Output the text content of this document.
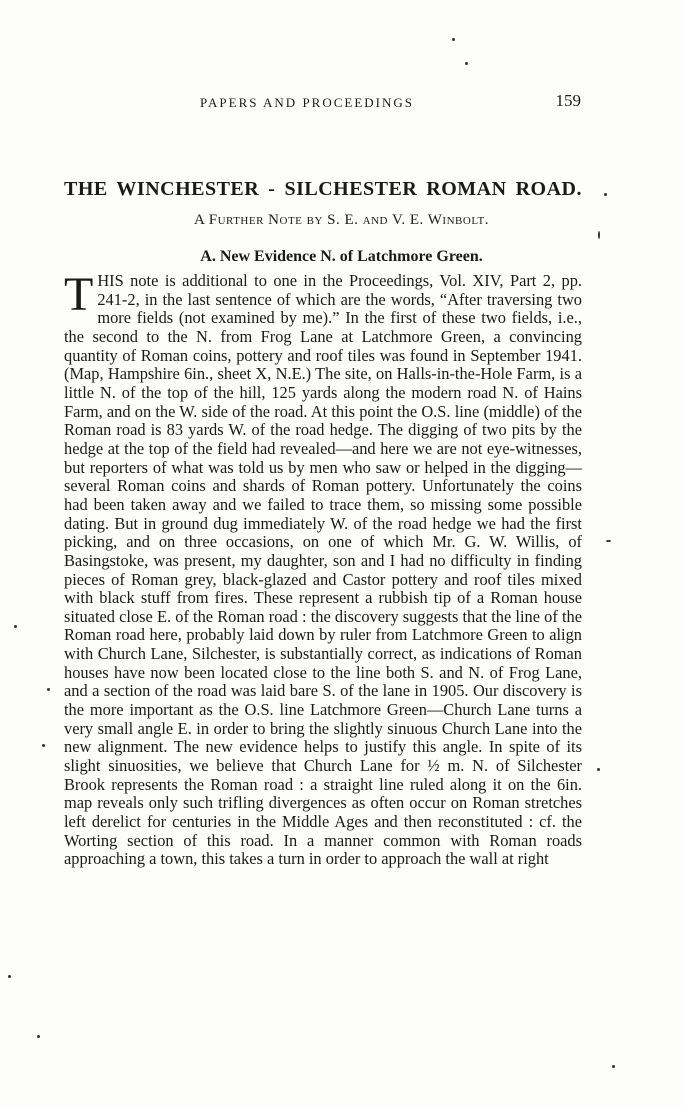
PAPERS AND PROCEEDINGS	159
THE WINCHESTER - SILCHESTER ROMAN ROAD.
A Further Note by S. E. and V. E. Winbolt.
A. New Evidence N. of Latchmore Green.
THIS note is additional to one in the Proceedings, Vol. XIV, Part 2, pp. 241-2, in the last sentence of which are the words, “After traversing two more fields (not examined by me).” In the first of these two fields, i.e., the second to the N. from Frog Lane at Latchmore Green, a convincing quantity of Roman coins, pottery and roof tiles was found in September 1941. (Map, Hampshire 6in., sheet X, N.E.) The site, on Halls-in-the-Hole Farm, is a little N. of the top of the hill, 125 yards along the modern road N. of Hains Farm, and on the W. side of the road. At this point the O.S. line (middle) of the Roman road is 83 yards W. of the road hedge. The digging of two pits by the hedge at the top of the field had revealed—and here we are not eye-witnesses, but reporters of what was told us by men who saw or helped in the digging—several Roman coins and shards of Roman pottery. Unfortunately the coins had been taken away and we failed to trace them, so missing some possible dating. But in ground dug immediately W. of the road hedge we had the first picking, and on three occasions, on one of which Mr. G. W. Willis, of Basingstoke, was present, my daughter, son and I had no difficulty in finding pieces of Roman grey, black-glazed and Castor pottery and roof tiles mixed with black stuff from fires. These represent a rubbish tip of a Roman house situated close E. of the Roman road : the discovery suggests that the line of the Roman road here, probably laid down by ruler from Latchmore Green to align with Church Lane, Silchester, is substantially correct, as indications of Roman houses have now been located close to the line both S. and N. of Frog Lane, and a section of the road was laid bare S. of the lane in 1905. Our discovery is the more important as the O.S. line Latchmore Green—Church Lane turns a very small angle E. in order to bring the slightly sinuous Church Lane into the new alignment. The new evidence helps to justify this angle. In spite of its slight sinuosities, we believe that Church Lane for ½ m. N. of Silchester Brook represents the Roman road : a straight line ruled along it on the 6in. map reveals only such trifling divergences as often occur on Roman stretches left derelict for centuries in the Middle Ages and then reconstituted : cf. the Worting section of this road. In a manner common with Roman roads approaching a town, this takes a turn in order to approach the wall at right
